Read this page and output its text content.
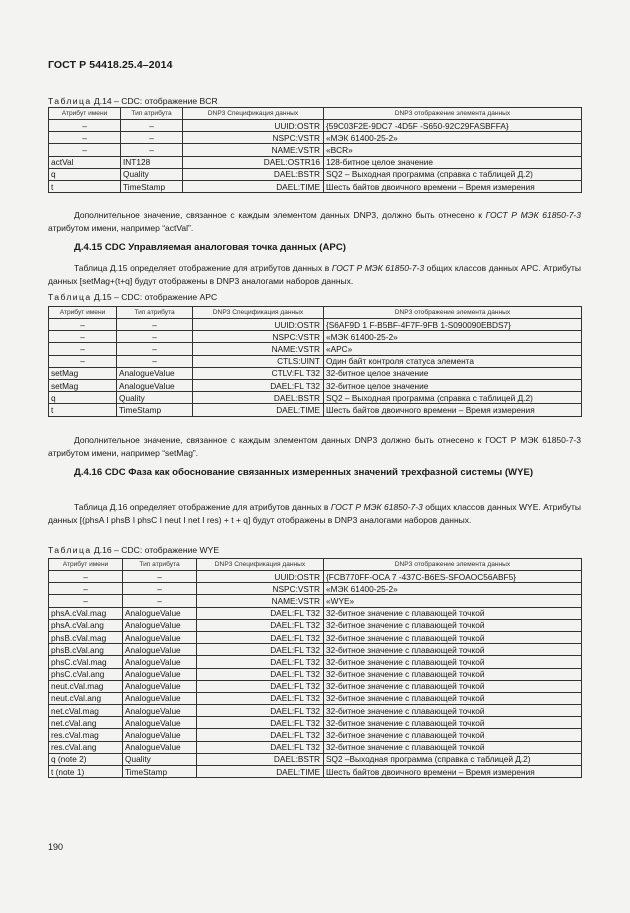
ГОСТ Р 54418.25.4–2014
Таблица Д.14 – CDC: отображение BCR
Атрибут имени	Тип атрибута	DNP3 Спецификация данных	DNP3 отображение элемента данных
–	–	UUID:OSTR	{59C03F2E-9DC7 -4D5F -S650-92C29FASBFFA}
–	–	NSPC:VSTR	«МЭК 61400-25-2»
–	–	NAME:VSTR	«BCR»
actVal	INT128	DAEL:OSTR16	128-битное целое значение
q	Quality	DAEL:BSTR	SQ2 – Выходная программа (справка с таблицей Д.2)
t	TimeStamp	DAEL:TIME	Шесть байтов двоичного времени – Время измерения
Дополнительное значение, связанное с каждым элементом данных DNP3, должно быть отнесено к ГОСТ Р МЭК 61850-7-3 атрибутом имени, например “actVal”.
Д.4.15 CDC Управляемая аналоговая точка данных (APC)
Таблица Д.15 определяет отображение для атрибутов данных в ГОСТ Р МЭК 61850-7-3 общих классов данных APC. Атрибуты данных [setMag+(t+q] будут отображены в DNP3 аналогами наборов данных.
Таблица Д.15 – CDC: отображение APC
Атрибут имени	Тип атрибута	DNP3 Спецификация данных	DNP3 отображение элемента данных
–	–	UUID:OSTR	{S6AF9D 1 F-B5BF-4F7F-9FB 1-S090090EBDS7}
–	–	NSPC:VSTR	«МЭК 61400-25-2»
–	–	NAME:VSTR	«APC»
–	–	CTLS:UINT	Один байт контроля статуса элемента
setMag	AnalogueValue	CTLV:FL T32	32-битное целое значение
setMag	AnalogueValue	DAEL:FL T32	32-битное целое значение
q	Quality	DAEL:BSTR	SQ2 – Выходная программа (справка с таблицей Д.2)
t	TimeStamp	DAEL:TIME	Шесть байтов двоичного времени – Время измерения
Дополнительное значение, связанное с каждым элементом данных DNP3 должно быть отнесено к ГОСТ Р МЭК 61850-7-3 атрибутом имени, например “setMag”.
Д.4.16 CDC Фаза как обоснование связанных измеренных значений трехфазной системы (WYE)
Таблица Д.16 определяет отображение для атрибутов данных в ГОСТ Р МЭК 61850-7-3 общих классов данных WYE. Атрибуты данных [(phsA I phsB I phsC I neut I net I res) + t + q] будут отображены в DNP3 аналогами наборов данных.
Таблица Д.16 – CDC: отображение WYE
Атрибут имени	Тип атрибута	DNP3 Спецификация данных	DNP3 отображение элемента данных
–	–	UUID:OSTR	{FCB770FF-OCA 7 -437C-B6ES-SFOAOC56ABF5}
–	–	NSPC:VSTR	«МЭК 61400-25-2»
–	–	NAME:VSTR	«WYE»
phsA.cVal.mag	AnalogueValue	DAEL:FL T32	32-битное значение с плавающей точкой
phsA.cVal.ang	AnalogueValue	DAEL:FL T32	32-битное значение с плавающей точкой
phsB.cVal.mag	AnalogueValue	DAEL:FL T32	32-битное значение с плавающей точкой
phsB.cVal.ang	AnalogueValue	DAEL:FL T32	32-битное значение с плавающей точкой
phsC.cVal.mag	AnalogueValue	DAEL:FL T32	32-битное значение с плавающей точкой
phsC.cVal.ang	AnalogueValue	DAEL:FL T32	32-битное значение с плавающей точкой
neut.cVal.mag	AnalogueValue	DAEL:FL T32	32-битное значение с плавающей точкой
neut.cVal.ang	AnalogueValue	DAEL:FL T32	32-битное значение с плавающей точкой
net.cVal.mag	AnalogueValue	DAEL:FL T32	32-битное значение с плавающей точкой
net.cVal.ang	AnalogueValue	DAEL:FL T32	32-битное значение с плавающей точкой
res.cVal.mag	AnalogueValue	DAEL:FL T32	32-битное значение с плавающей точкой
res.cVal.ang	AnalogueValue	DAEL:FL T32	32-битное значение с плавающей точкой
q (note 2)	Quality	DAEL:BSTR	SQ2 –Выходная программа (справка с таблицей Д.2)
t (note 1)	TimeStamp	DAEL:TIME	Шесть байтов двоичного времени – Время измерения
190
